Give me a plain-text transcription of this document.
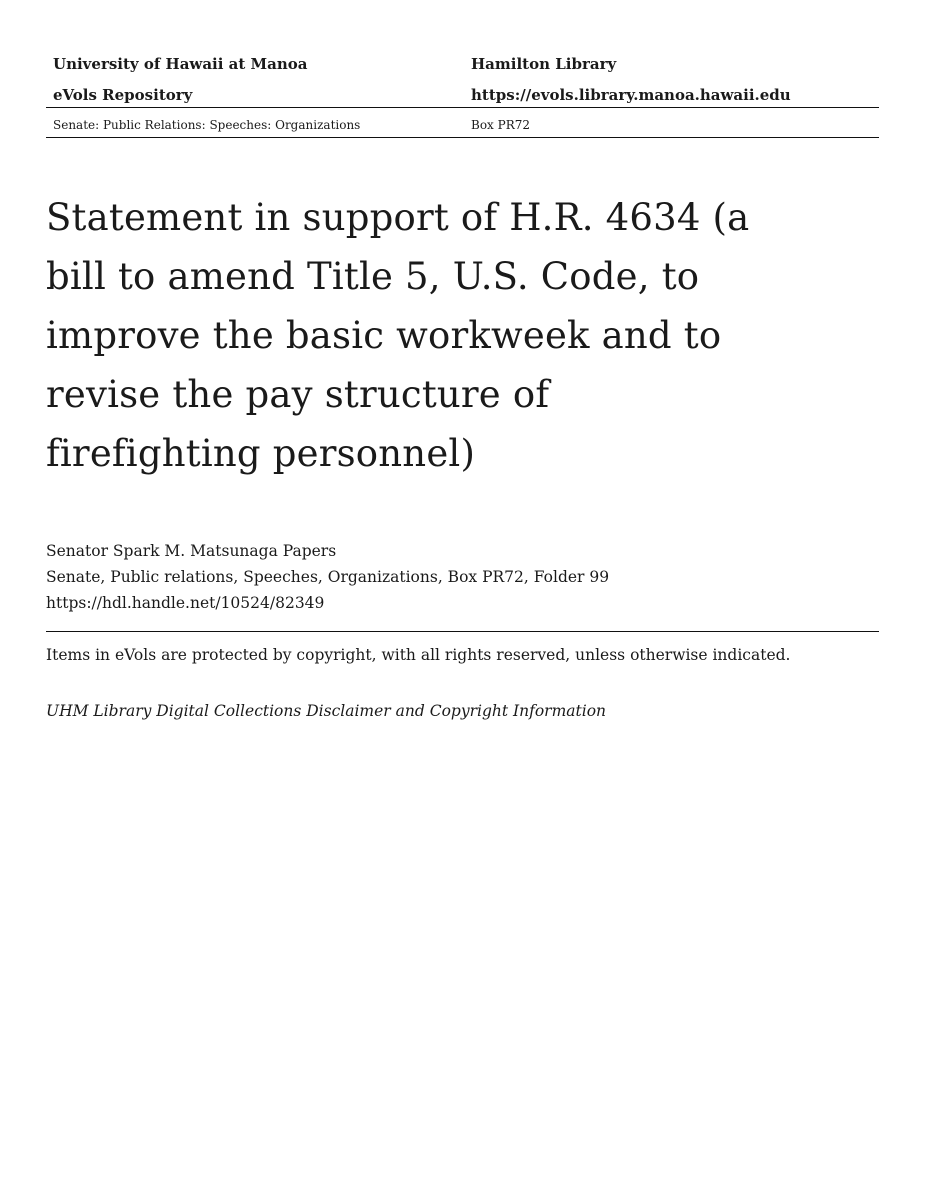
University of Hawaii at Manoa
eVols Repository
Hamilton Library
https://evols.library.manoa.hawaii.edu
Senate: Public Relations: Speeches: Organizations	Box PR72
Statement in support of H.R. 4634 (a bill to amend Title 5, U.S. Code, to improve the basic workweek and to revise the pay structure of firefighting personnel)
Senator Spark M. Matsunaga Papers
Senate, Public relations, Speeches, Organizations, Box PR72, Folder 99
https://hdl.handle.net/10524/82349
Items in eVols are protected by copyright, with all rights reserved, unless otherwise indicated.
UHM Library Digital Collections Disclaimer and Copyright Information
